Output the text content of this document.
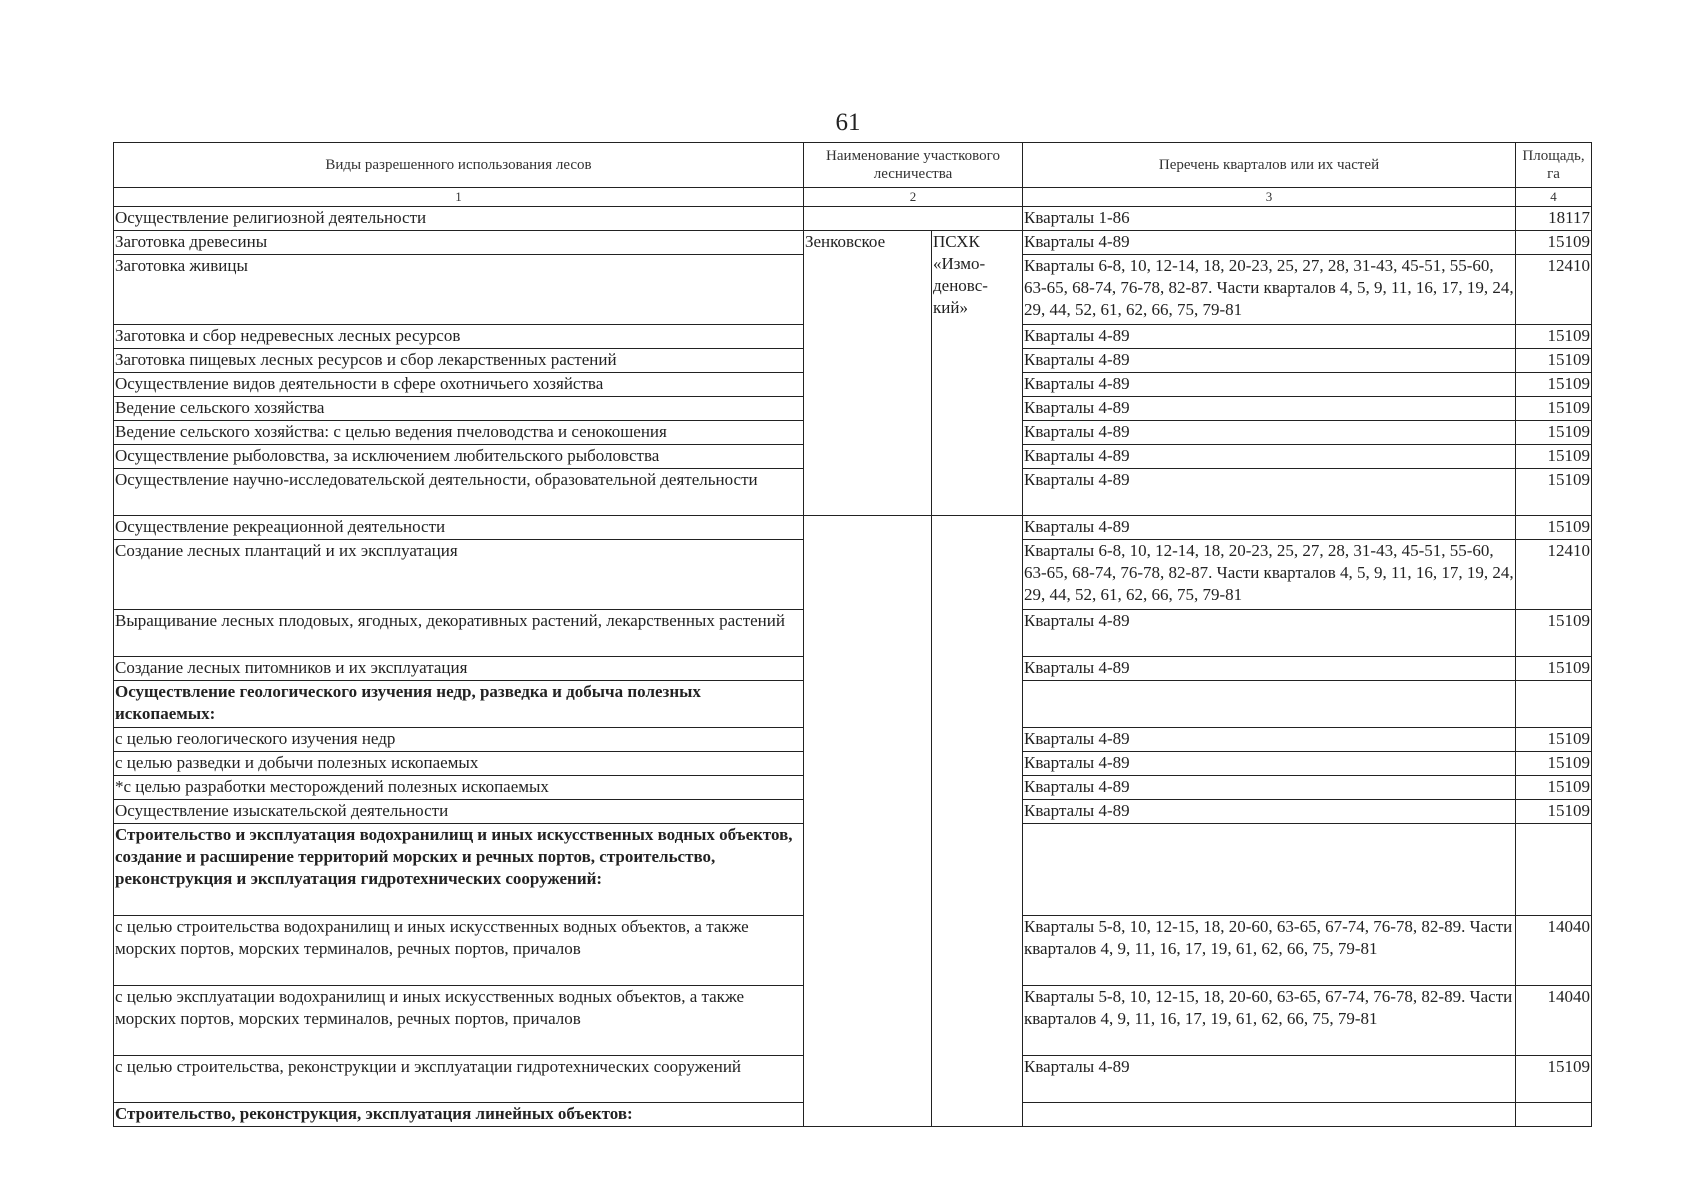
61
Виды разрешенного использования лесов	Наименование участкового лесничества		Перечень кварталов или их частей	Площадь, га
1	2		3	4
Осуществление религиозной деятельности			Кварталы 1-86	18117
Заготовка древесины	Зенковское	ПСХК «Измо-деновс-кий»	Кварталы 4-89	15109
Заготовка живицы			Кварталы 6-8, 10, 12-14, 18, 20-23, 25, 27, 28, 31-43, 45-51, 55-60, 63-65, 68-74, 76-78, 82-87. Части кварталов 4, 5, 9, 11, 16, 17, 19, 24, 29, 44, 52, 61, 62, 66, 75, 79-81	12410
Заготовка и сбор недревесных лесных ресурсов			Кварталы 4-89	15109
Заготовка пищевых лесных ресурсов и сбор лекарственных растений			Кварталы 4-89	15109
Осуществление видов деятельности в сфере охотничьего хозяйства			Кварталы 4-89	15109
Ведение сельского хозяйства			Кварталы 4-89	15109
Ведение сельского хозяйства: с целью ведения пчеловодства и сенокошения			Кварталы 4-89	15109
Осуществление рыболовства, за исключением любительского рыболовства			Кварталы 4-89	15109
Осуществление научно-исследовательской деятельности, образовательной деятельности			Кварталы 4-89	15109
Осуществление рекреационной деятельности			Кварталы 4-89	15109
Создание лесных плантаций и их эксплуатация			Кварталы 6-8, 10, 12-14, 18, 20-23, 25, 27, 28, 31-43, 45-51, 55-60, 63-65, 68-74, 76-78, 82-87. Части кварталов 4, 5, 9, 11, 16, 17, 19, 24, 29, 44, 52, 61, 62, 66, 75, 79-81	12410
Выращивание лесных плодовых, ягодных, декоративных растений, лекарственных растений			Кварталы 4-89	15109
Создание лесных питомников и их эксплуатация			Кварталы 4-89	15109
Осуществление геологического изучения недр, разведка и добыча полезных ископаемых:				
с целью геологического изучения недр			Кварталы 4-89	15109
с целью разведки и добычи полезных ископаемых			Кварталы 4-89	15109
*с целью разработки месторождений полезных ископаемых			Кварталы 4-89	15109
Осуществление изыскательской деятельности			Кварталы 4-89	15109
Строительство и эксплуатация водохранилищ и иных искусственных водных объектов, создание и расширение территорий морских и речных портов, строительство, реконструкция и эксплуатация гидротехнических сооружений:				
с целью строительства водохранилищ и иных искусственных водных объектов, а также морских портов, морских терминалов, речных портов, причалов			Кварталы 5-8, 10, 12-15, 18, 20-60, 63-65, 67-74, 76-78, 82-89. Части кварталов 4, 9, 11, 16, 17, 19, 61, 62, 66, 75, 79-81	14040
с целью эксплуатации водохранилищ и иных искусственных водных объектов, а также морских портов, морских терминалов, речных портов, причалов			Кварталы 5-8, 10, 12-15, 18, 20-60, 63-65, 67-74, 76-78, 82-89. Части кварталов 4, 9, 11, 16, 17, 19, 61, 62, 66, 75, 79-81	14040
с целью строительства, реконструкции и эксплуатации гидротехнических сооружений			Кварталы 4-89	15109
Строительство, реконструкция, эксплуатация линейных объектов:				
